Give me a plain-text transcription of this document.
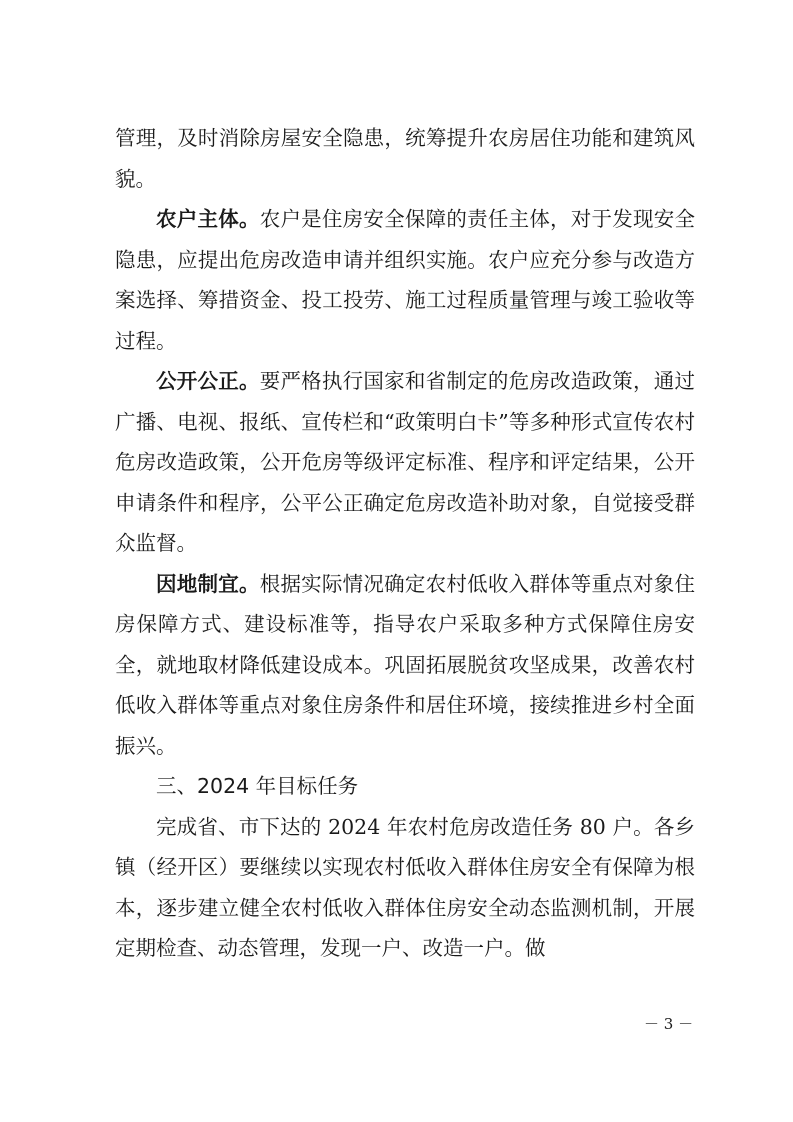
管理，及时消除房屋安全隐患，统筹提升农房居住功能和建筑风貌。

农户主体。农户是住房安全保障的责任主体，对于发现安全隐患，应提出危房改造申请并组织实施。农户应充分参与改造方案选择、筹措资金、投工投劳、施工过程质量管理与竣工验收等过程。

公开公正。要严格执行国家和省制定的危房改造政策，通过广播、电视、报纸、宣传栏和“政策明白卡”等多种形式宣传农村危房改造政策，公开危房等级评定标准、程序和评定结果，公开申请条件和程序，公平公正确定危房改造补助对象，自觉接受群众监督。

因地制宜。根据实际情况确定农村低收入群体等重点对象住房保障方式、建设标准等，指导农户采取多种方式保障住房安全，就地取材降低建设成本。巩固拓展脱贫攻坚成果，改善农村低收入群体等重点对象住房条件和居住环境，接续推进乡村全面振兴。

三、2024 年目标任务

完成省、市下达的 2024 年农村危房改造任务 80 户。各乡镇（经开区）要继续以实现农村低收入群体住房安全有保障为根本，逐步建立健全农村低收入群体住房安全动态监测机制，开展定期检查、动态管理，发现一户、改造一户。做

－ 3 －
